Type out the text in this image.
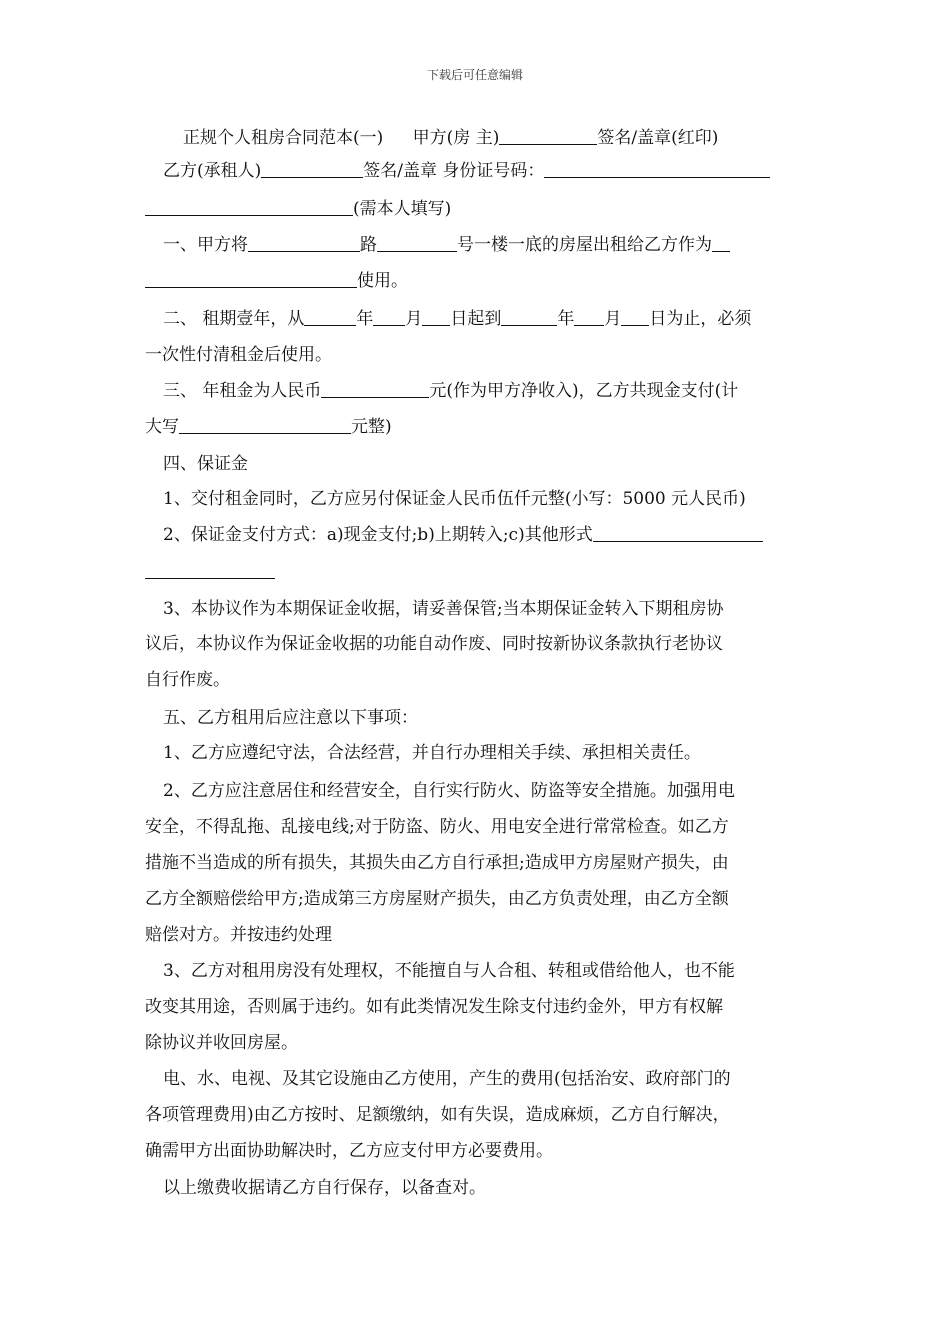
下载后可任意编辑
正规个人租房合同范本(一) 甲方(房 主)	签名/盖章(红印)
乙方(承租人)	签名/盖章 身份证号码：
(需本人填写)
一、甲方将	路	号一楼一底的房屋出租给乙方作为
使用。
二、 租期壹年，从	年 月 日起到	年 月 日为止，必须
一次性付清租金后使用。
三、 年租金为人民币	元(作为甲方净收入)，乙方共现金支付(计
大写	元整)
四、保证金
1、交付租金同时，乙方应另付保证金人民币伍仟元整(小写：5000 元人民币)
2、保证金支付方式：a)现金支付;b)上期转入;c)其他形式
3、本协议作为本期保证金收据，请妥善保管;当本期保证金转入下期租房协
议后，本协议作为保证金收据的功能自动作废、同时按新协议条款执行老协议
自行作废。
五、乙方租用后应注意以下事项：
1、乙方应遵纪守法，合法经营，并自行办理相关手续、承担相关责任。
2、乙方应注意居住和经营安全，自行实行防火、防盗等安全措施。加强用电
安全，不得乱拖、乱接电线;对于防盗、防火、用电安全进行常常检查。如乙方
措施不当造成的所有损失，其损失由乙方自行承担;造成甲方房屋财产损失，由
乙方全额赔偿给甲方;造成第三方房屋财产损失，由乙方负责处理，由乙方全额
赔偿对方。并按违约处理
3、乙方对租用房没有处理权，不能擅自与人合租、转租或借给他人，也不能
改变其用途，否则属于违约。如有此类情况发生除支付违约金外，甲方有权解
除协议并收回房屋。
电、水、电视、及其它设施由乙方使用，产生的费用(包括治安、政府部门的
各项管理费用)由乙方按时、足额缴纳，如有失误，造成麻烦，乙方自行解决，
确需甲方出面协助解决时，乙方应支付甲方必要费用。
以上缴费收据请乙方自行保存，以备查对。
